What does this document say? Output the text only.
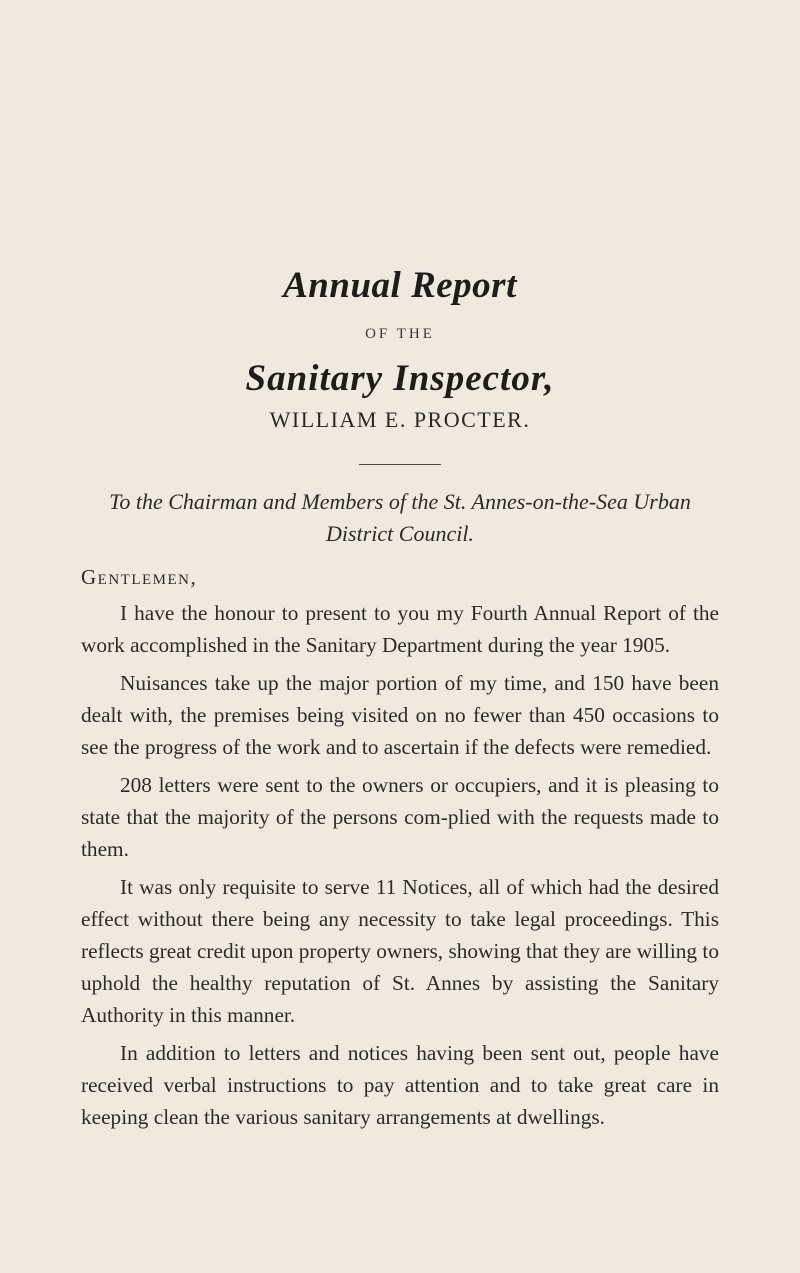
Annual Report
OF THE
Sanitary Inspector,
WILLIAM E. PROCTER.
To the Chairman and Members of the St. Annes-on-the-Sea Urban District Council.
Gentlemen,

I have the honour to present to you my Fourth Annual Report of the work accomplished in the Sanitary Department during the year 1905.

Nuisances take up the major portion of my time, and 150 have been dealt with, the premises being visited on no fewer than 450 occasions to see the progress of the work and to ascertain if the defects were remedied.

208 letters were sent to the owners or occupiers, and it is pleasing to state that the majority of the persons com-plied with the requests made to them.

It was only requisite to serve 11 Notices, all of which had the desired effect without there being any necessity to take legal proceedings. This reflects great credit upon property owners, showing that they are willing to uphold the healthy reputation of St. Annes by assisting the Sanitary Authority in this manner.

In addition to letters and notices having been sent out, people have received verbal instructions to pay attention and to take great care in keeping clean the various sanitary arrangements at dwellings.
